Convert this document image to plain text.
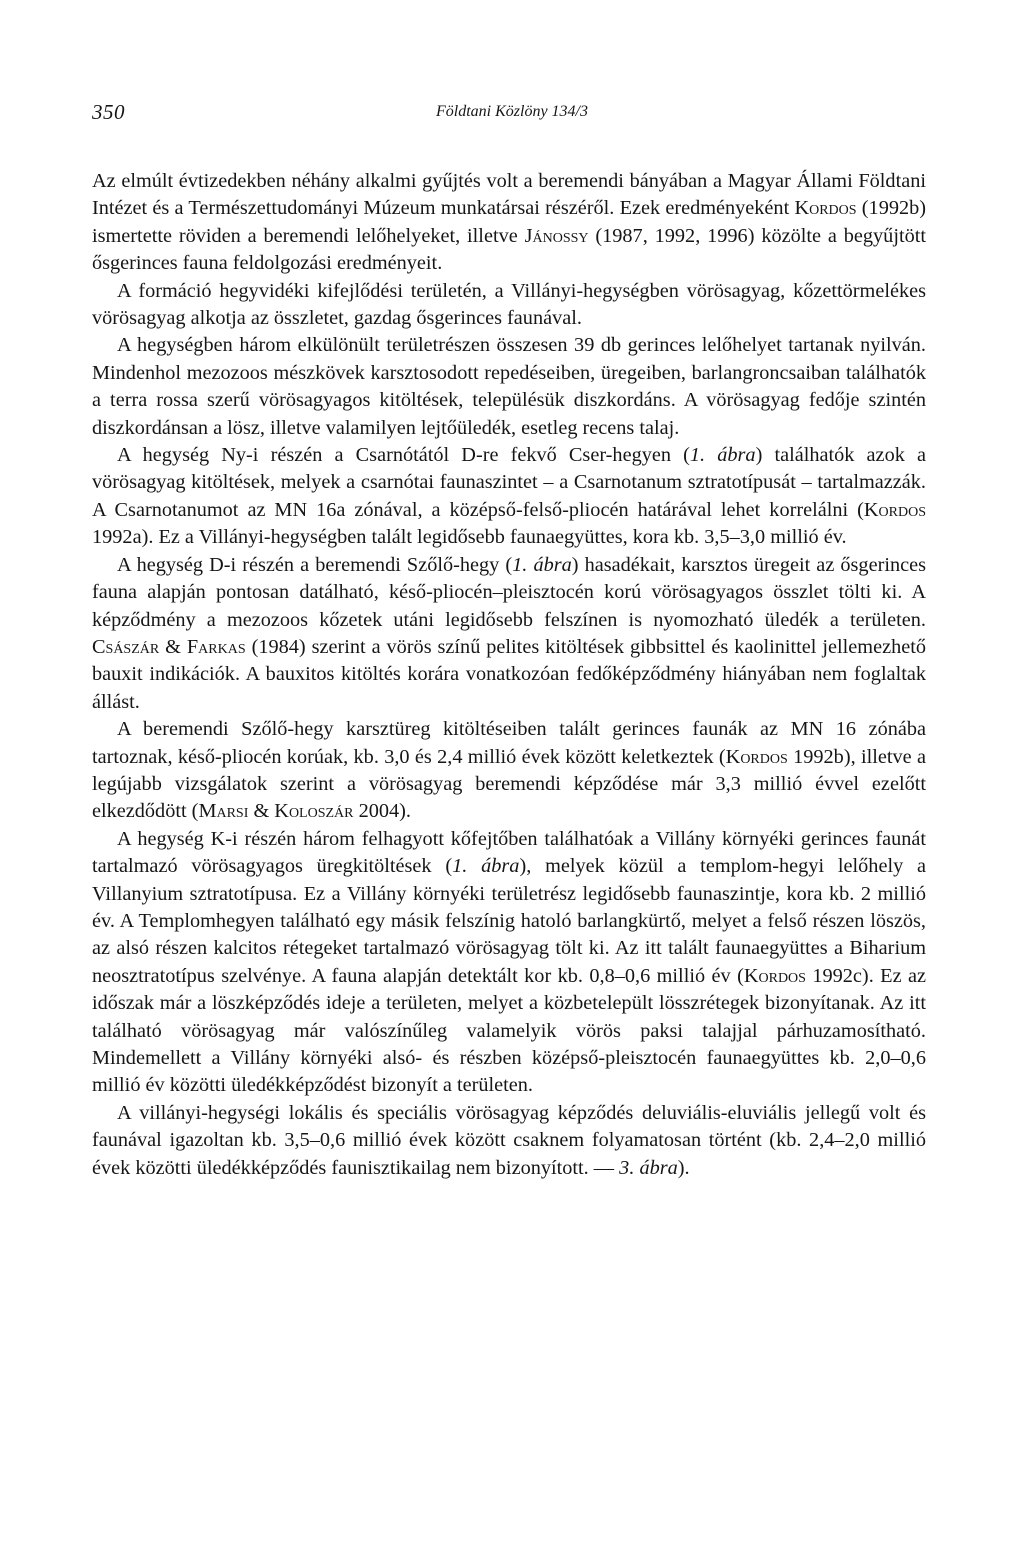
350	Földtani Közlöny 134/3

Az elmúlt évtizedekben néhány alkalmi gyűjtés volt a beremendi bányában a Magyar Állami Földtani Intézet és a Természettudományi Múzeum munkatársai részéről. Ezek eredményeként Kordos (1992b) ismertette röviden a beremendi lelőhelyeket, illetve Jánossy (1987, 1992, 1996) közölte a begyűjtött ősgerinces fauna feldolgozási eredményeit.

A formáció hegyvidéki kifejlődési területén, a Villányi-hegységben vörösagyag, kőzettörmelékes vörösagyag alkotja az összletet, gazdag ősgerinces faunával.

A hegységben három elkülönült területrészen összesen 39 db gerinces lelőhelyet tartanak nyilván. Mindenhol mezozoos mészkövek karsztosodott repedéseiben, üregeiben, barlangroncsaiban találhatók a terra rossa szerű vörösagyagos kitöltések, településük diszkordáns. A vörösagyag fedője szintén diszkordánsan a lösz, illetve valamilyen lejtőüledék, esetleg recens talaj.

A hegység Ny-i részén a Csarnótától D-re fekvő Cser-hegyen (1. ábra) találhatók azok a vörösagyag kitöltések, melyek a csarnótai faunaszintet – a Csarnotanum sztratotípusát – tartalmazzák. A Csarnotanumot az MN 16a zónával, a középső-felső-pliocén határával lehet korrelálni (Kordos 1992a). Ez a Villányi-hegységben talált legidősebb faunaegyüttes, kora kb. 3,5–3,0 millió év.

A hegység D-i részén a beremendi Szőlő-hegy (1. ábra) hasadékait, karsztos üregeit az ősgerinces fauna alapján pontosan datálható, késő-pliocén–pleisztocén korú vörösagyagos összlet tölti ki. A képződmény a mezozoos kőzetek utáni legidősebb felszínen is nyomozható üledék a területen. Császár & Farkas (1984) szerint a vörös színű pelites kitöltések gibbsittel és kaolinittel jellemezhető bauxit indikációk. A bauxitos kitöltés korára vonatkozóan fedőképződmény hiányában nem foglaltak állást.

A beremendi Szőlő-hegy karsztüreg kitöltéseiben talált gerinces faunák az MN 16 zónába tartoznak, késő-pliocén korúak, kb. 3,0 és 2,4 millió évek között keletkeztek (Kordos 1992b), illetve a legújabb vizsgálatok szerint a vörösagyag beremendi képződése már 3,3 millió évvel ezelőtt elkezdődött (Marsi & Koloszár 2004).

A hegység K-i részén három felhagyott kőfejtőben találhatóak a Villány környéki gerinces faunát tartalmazó vörösagyagos üregkitöltések (1. ábra), melyek közül a templom-hegyi lelőhely a Villanyium sztratotípusa. Ez a Villány környéki területrész legidősebb faunaszintje, kora kb. 2 millió év. A Templomhegyen található egy másik felszínig hatoló barlangkürtő, melyet a felső részen löszös, az alsó részen kalcitos rétegeket tartalmazó vörösagyag tölt ki. Az itt talált faunaegyüttes a Biharium neosztratotípus szelvénye. A fauna alapján detektált kor kb. 0,8–0,6 millió év (Kordos 1992c). Ez az időszak már a löszképződés ideje a területen, melyet a közbetelepült lösszrétegek bizonyítanak. Az itt található vörösagyag már valószínűleg valamelyik vörös paksi talajjal párhuzamosítható. Mindemellett a Villány környéki alsó- és részben középső-pleisztocén faunaegyüttes kb. 2,0–0,6 millió év közötti üledékképződést bizonyít a területen.

A villányi-hegységi lokális és speciális vörösagyag képződés deluviális-eluviális jellegű volt és faunával igazoltan kb. 3,5–0,6 millió évek között csaknem folyamatosan történt (kb. 2,4–2,0 millió évek közötti üledékképződés faunisztikailag nem bizonyított. — 3. ábra).
